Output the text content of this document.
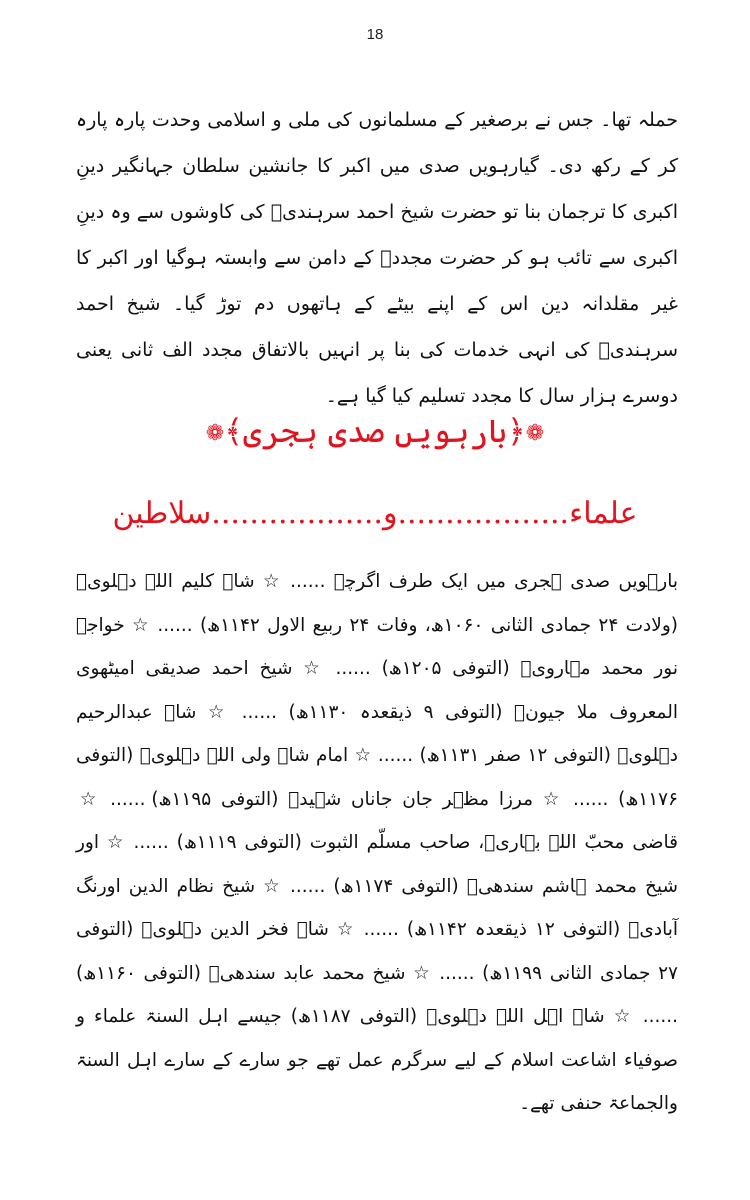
18

حملہ تھا۔ جس نے برصغیر کے مسلمانوں کی ملی و اسلامی وحدت پارہ پارہ کر کے رکھ دی۔ گیارہویں صدی میں اکبر کا جانشین سلطان جہانگیر دینِ اکبری کا ترجمان بنا تو حضرت شیخ احمد سرہندیؒ کی کاوشوں سے وہ دینِ اکبری سے تائب ہو کر حضرت مجددؒ کے دامن سے وابستہ ہوگیا اور اکبر کا غیر مقلدانہ دین اس کے اپنے بیٹے کے ہاتھوں دم توڑ گیا۔ شیخ احمد سرہندیؒ کی انہی خدمات کی بنا پر انہیں بالاتفاق مجدد الف ثانی یعنی دوسرے ہزار سال کا مجدد تسلیم کیا گیا ہے۔

❁﴿بارہویں صدی ہجری﴾❁
علماء..................و..................سلاطین

بارہویں صدی ہجری میں ایک طرف اگرچہ ...... ☆ شاہ کلیم اللہ دہلویؒ (ولادت ۲۴ جمادی الثانی ۱۰۶۰ھ، وفات ۲۴ ربیع الاول ۱۱۴۲ھ) ...... ☆ خواجہ نور محمد مہارویؒ (التوفی ۱۲۰۵ھ) ...... ☆ شیخ احمد صدیقی امیٹھوی المعروف ملا جیونؒ (التوفی ۹ ذیقعدہ ۱۱۳۰ھ) ...... ☆ شاہ عبدالرحیم دہلویؒ (التوفی ۱۲ صفر ۱۱۳۱ھ) ...... ☆ امام شاہ ولی اللہ دہلویؒ (التوفی ۱۱۷۶ھ) ...... ☆ مرزا مظہر جان جاناں شہیدؒ (التوفی ۱۱۹۵ھ) ...... ☆ قاضی محبّ اللہ بہاریؒ، صاحب مسلّم الثبوت (التوفی ۱۱۱۹ھ) ...... ☆ اور شیخ محمد ہاشم سندھیؒ (التوفی ۱۱۷۴ھ) ...... ☆ شیخ نظام الدین اورنگ آبادیؒ (التوفی ۱۲ ذیقعدہ ۱۱۴۲ھ) ...... ☆ شاہ فخر الدین دہلویؒ (التوفی ۲۷ جمادی الثانی ۱۱۹۹ھ) ...... ☆ شیخ محمد عابد سندھیؒ (التوفی ۱۱۶۰ھ) ...... ☆ شاہ اہل اللہ دہلویؒ (التوفی ۱۱۸۷ھ) جیسے اہل السنۃ علماء و صوفیاء اشاعت اسلام کے لیے سرگرم عمل تھے جو سارے کے سارے اہل السنۃ والجماعۃ حنفی تھے۔
